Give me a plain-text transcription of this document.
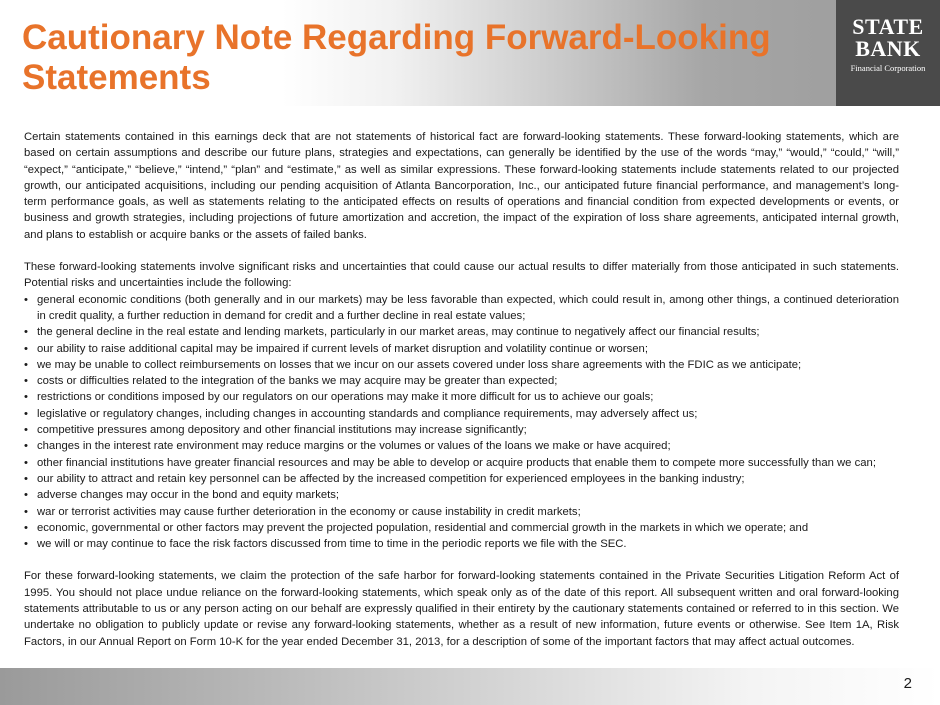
Cautionary Note Regarding Forward-Looking Statements
STATE
BANK
Financial Corporation

Certain statements contained in this earnings deck that are not statements of historical fact are forward-looking statements. These forward-looking statements, which are based on certain assumptions and describe our future plans, strategies and expectations, can generally be identified by the use of the words “may,” “would,” “could,” “will,” “expect,” “anticipate,” “believe,” “intend,” “plan” and “estimate,” as well as similar expressions. These forward-looking statements include statements related to our projected growth, our anticipated acquisitions, including our pending acquisition of Atlanta Bancorporation, Inc., our anticipated future financial performance, and management’s long-term performance goals, as well as statements relating to the anticipated effects on results of operations and financial condition from expected developments or events, or business and growth strategies, including projections of future amortization and accretion, the impact of the expiration of loss share agreements, anticipated internal growth, and plans to establish or acquire banks or the assets of failed banks.

These forward-looking statements involve significant risks and uncertainties that could cause our actual results to differ materially from those anticipated in such statements. Potential risks and uncertainties include the following:

• general economic conditions (both generally and in our markets) may be less favorable than expected, which could result in, among other things, a continued deterioration in credit quality, a further reduction in demand for credit and a further decline in real estate values;
• the general decline in the real estate and lending markets, particularly in our market areas, may continue to negatively affect our financial results;
• our ability to raise additional capital may be impaired if current levels of market disruption and volatility continue or worsen;
• we may be unable to collect reimbursements on losses that we incur on our assets covered under loss share agreements with the FDIC as we anticipate;
• costs or difficulties related to the integration of the banks we may acquire may be greater than expected;
• restrictions or conditions imposed by our regulators on our operations may make it more difficult for us to achieve our goals;
• legislative or regulatory changes, including changes in accounting standards and compliance requirements, may adversely affect us;
• competitive pressures among depository and other financial institutions may increase significantly;
• changes in the interest rate environment may reduce margins or the volumes or values of the loans we make or have acquired;
• other financial institutions have greater financial resources and may be able to develop or acquire products that enable them to compete more successfully than we can;
• our ability to attract and retain key personnel can be affected by the increased competition for experienced employees in the banking industry;
• adverse changes may occur in the bond and equity markets;
• war or terrorist activities may cause further deterioration in the economy or cause instability in credit markets;
• economic, governmental or other factors may prevent the projected population, residential and commercial growth in the markets in which we operate; and
• we will or may continue to face the risk factors discussed from time to time in the periodic reports we file with the SEC.

For these forward-looking statements, we claim the protection of the safe harbor for forward-looking statements contained in the Private Securities Litigation Reform Act of 1995. You should not place undue reliance on the forward-looking statements, which speak only as of the date of this report. All subsequent written and oral forward-looking statements attributable to us or any person acting on our behalf are expressly qualified in their entirety by the cautionary statements contained or referred to in this section. We undertake no obligation to publicly update or revise any forward-looking statements, whether as a result of new information, future events or otherwise. See Item 1A, Risk Factors, in our Annual Report on Form 10-K for the year ended December 31, 2013, for a description of some of the important factors that may affect actual outcomes.

2
